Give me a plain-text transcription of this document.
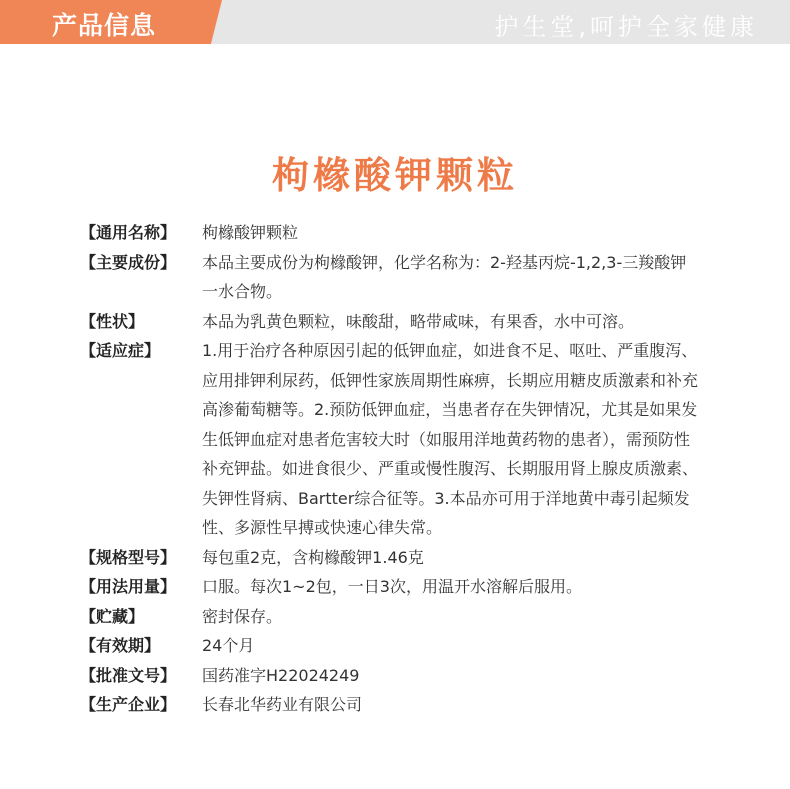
产品信息	护生堂,呵护全家健康
枸橼酸钾颗粒
【通用名称】	枸橼酸钾颗粒
【主要成份】	本品主要成份为枸橼酸钾，化学名称为：2-羟基丙烷-1,2,3-三羧酸钾一水合物。
【性状】	本品为乳黄色颗粒，味酸甜，略带咸味，有果香，水中可溶。
【适应症】	1.用于治疗各种原因引起的低钾血症，如进食不足、呕吐、严重腹泻、应用排钾利尿药，低钾性家族周期性麻痹，长期应用糖皮质激素和补充高渗葡萄糖等。2.预防低钾血症，当患者存在失钾情况，尤其是如果发生低钾血症对患者危害较大时（如服用洋地黄药物的患者），需预防性补充钾盐。如进食很少、严重或慢性腹泻、长期服用肾上腺皮质激素、失钾性肾病、Bartter综合征等。3.本品亦可用于洋地黄中毒引起频发性、多源性早搏或快速心律失常。
【规格型号】	每包重2克，含枸橼酸钾1.46克
【用法用量】	口服。每次1~2包，一日3次，用温开水溶解后服用。
【贮藏】	密封保存。
【有效期】	24个月
【批准文号】	国药准字H22024249
【生产企业】	长春北华药业有限公司
